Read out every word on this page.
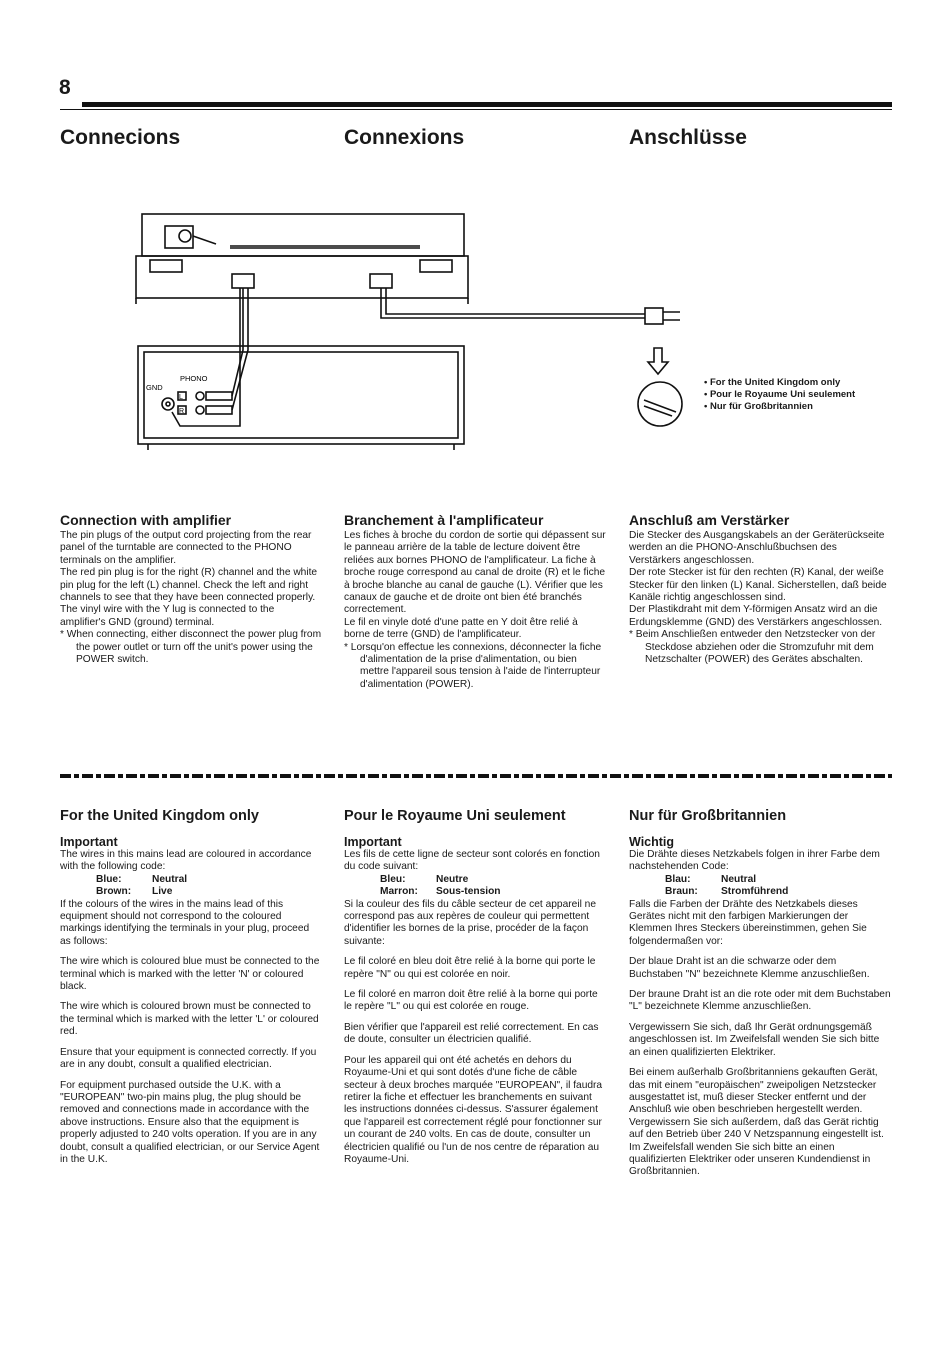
8
Connecions	Connexions	Anschlüsse
PHONO
GND
L
R
• For the United Kingdom only
• Pour le Royaume Uni seulement
• Nur für Großbritannien
Connection with amplifier

The pin plugs of the output cord projecting from the rear panel of the turntable are connected to the PHONO terminals on the amplifier.

The red pin plug is for the right (R) channel and the white pin plug for the left (L) channel. Check the left and right channels to see that they have been connected properly.

The vinyl wire with the Y lug is connected to the amplifier's GND (ground) terminal.

* When connecting, either disconnect the power plug from the power outlet or turn off the unit's power using the POWER switch.

Branchement à l'amplificateur

Les fiches à broche du cordon de sortie qui dépassent sur le panneau arrière de la table de lecture doivent être reliées aux bornes PHONO de l'amplificateur. La fiche à broche rouge correspond au canal de droite (R) et le fiche à broche blanche au canal de gauche (L). Vérifier que les canaux de gauche et de droite ont bien été branchés correctement.

Le fil en vinyle doté d'une patte en Y doit être relié à borne de terre (GND) de l'amplificateur.

* Lorsqu'on effectue les connexions, déconnecter la fiche d'alimentation de la prise d'alimentation, ou bien mettre l'appareil sous tension à l'aide de l'interrupteur d'alimentation (POWER).

Anschluß am Verstärker

Die Stecker des Ausgangskabels an der Geräterückseite werden an die PHONO-Anschlußbuchsen des Verstärkers angeschlossen.

Der rote Stecker ist für den rechten (R) Kanal, der weiße Stecker für den linken (L) Kanal. Sicherstellen, daß beide Kanäle richtig angeschlossen sind.

Der Plastikdraht mit dem Y-förmigen Ansatz wird an die Erdungsklemme (GND) des Verstärkers angeschlossen.

* Beim Anschließen entweder den Netzstecker von der Steckdose abziehen oder die Stromzufuhr mit dem Netzschalter (POWER) des Gerätes abschalten.

For the United Kingdom only
Important

The wires in this mains lead are coloured in accordance with the following code:

Blue:	Neutral
Brown:	Live

If the colours of the wires in the mains lead of this equipment should not correspond to the coloured markings identifying the terminals in your plug, proceed as follows:

The wire which is coloured blue must be connected to the terminal which is marked with the letter 'N' or coloured black.

The wire which is coloured brown must be connected to the terminal which is marked with the letter 'L' or coloured red.

Ensure that your equipment is connected correctly. If you are in any doubt, consult a qualified electrician.

For equipment purchased outside the U.K. with a "EUROPEAN" two-pin mains plug, the plug should be removed and connections made in accordance with the above instructions. Ensure also that the equipment is properly adjusted to 240 volts operation. If you are in any doubt, consult a qualified electrician, or our Service Agent in the U.K.

Pour le Royaume Uni seulement
Important

Les fils de cette ligne de secteur sont colorés en fonction du code suivant:

Bleu:	Neutre
Marron:	Sous-tension

Si la couleur des fils du câble secteur de cet appareil ne correspond pas aux repères de couleur qui permettent d'identifier les bornes de la prise, procéder de la façon suivante:

Le fil coloré en bleu doit être relié à la borne qui porte le repère "N" ou qui est colorée en noir.

Le fil coloré en marron doit être relié à la borne qui porte le repère "L" ou qui est colorée en rouge.

Bien vérifier que l'appareil est relié correctement. En cas de doute, consulter un électricien qualifié.

Pour les appareil qui ont été achetés en dehors du Royaume-Uni et qui sont dotés d'une fiche de câble secteur à deux broches marquée "EUROPEAN", il faudra retirer la fiche et effectuer les branchements en suivant les instructions données ci-dessus. S'assurer également que l'appareil est correctement réglé pour fonctionner sur un courant de 240 volts. En cas de doute, consulter un électricien qualifié ou l'un de nos centre de réparation au Royaume-Uni.

Nur für Großbritannien
Wichtig

Die Drähte dieses Netzkabels folgen in ihrer Farbe dem nachstehenden Code:

Blau:	Neutral
Braun:	Stromführend

Falls die Farben der Drähte des Netzkabels dieses Gerätes nicht mit den farbigen Markierungen der Klemmen Ihres Steckers übereinstimmen, gehen Sie folgendermaßen vor:

Der blaue Draht ist an die schwarze oder dem Buchstaben "N" bezeichnete Klemme anzuschließen.

Der braune Draht ist an die rote oder mit dem Buchstaben "L" bezeichnete Klemme anzuschließen.

Vergewissern Sie sich, daß Ihr Gerät ordnungsgemäß angeschlossen ist. Im Zweifelsfall wenden Sie sich bitte an einen qualifizierten Elektriker.

Bei einem außerhalb Großbritanniens gekauften Gerät, das mit einem "europäischen" zweipoligen Netzstecker ausgestattet ist, muß dieser Stecker entfernt und der Anschluß wie oben beschrieben hergestellt werden. Vergewissern Sie sich außerdem, daß das Gerät richtig auf den Betrieb über 240 V Netzspannung eingestellt ist. Im Zweifelsfall wenden Sie sich bitte an einen qualifizierten Elektriker oder unseren Kundendienst in Großbritannien.
